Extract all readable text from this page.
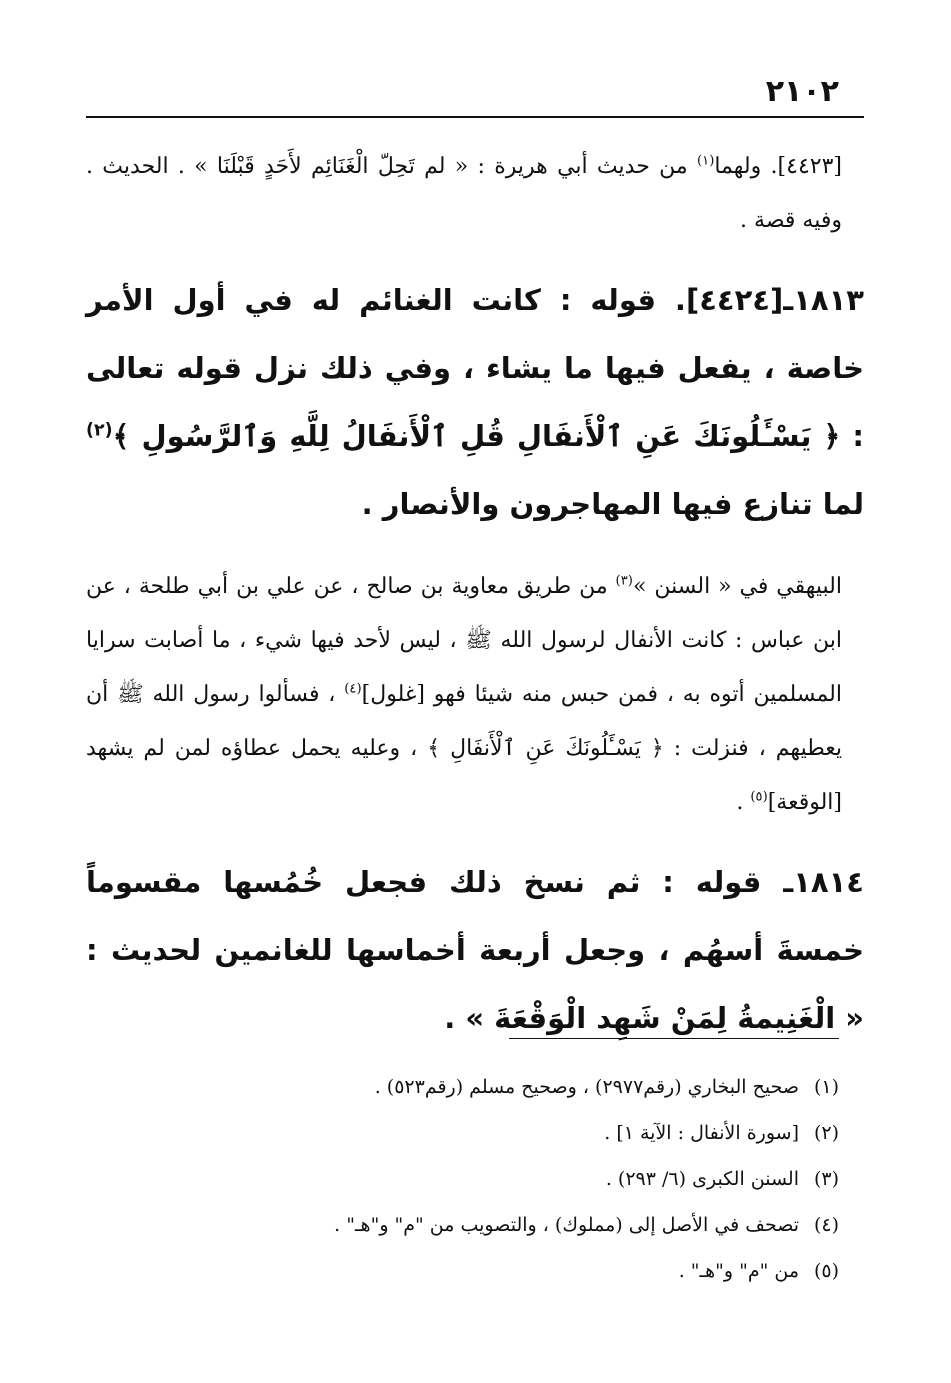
٢١٠٢

[٤٤٢٣]. ولهما$^{(١)}$ من حديث أبي هريرة : « لم تَحِلّ الْغَنَائِم لأَحَدٍ قَبْلَنَا » . الحديث . وفيه قصة .

١٨١٣ـ[٤٤٢٤]. قوله : كانت الغنائم له في أول الأمر خاصة ، يفعل فيها ما يشاء ، وفي ذلك نزل قوله تعالى : ﴿ يَسْـَٔلُونَكَ عَنِ ٱلْأَنفَالِ قُلِ ٱلْأَنفَالُ لِلَّهِ وَٱلرَّسُولِ ﴾$^{(٢)}$ لما تنازع فيها المهاجرون والأنصار .

البيهقي في « السنن »$^{(٣)}$ من طريق معاوية بن صالح ، عن علي بن أبي طلحة ، عن ابن عباس : كانت الأنفال لرسول الله ﷺ ، ليس لأحد فيها شيء ، ما أصابت سرايا المسلمين أتوه به ، فمن حبس منه شيئا فهو [غلول]$^{(٤)}$ ، فسألوا رسول الله ﷺ أن يعطيهم ، فنزلت : ﴿ يَسْـَٔلُونَكَ عَنِ ٱلْأَنفَالِ ﴾ ، وعليه يحمل عطاؤه لمن لم يشهد [الوقعة]$^{(٥)}$ .

١٨١٤ـ قوله : ثم نسخ ذلك فجعل خُمُسها مقسوماً خمسةَ أسهُم ، وجعل أربعة أخماسها للغانمين لحديث : « الْغَنِيمةُ لِمَنْ شَهِد الْوَقْعَةَ » .

(١)
صحيح البخاري (رقم٢٩٧٧) ، وصحيح مسلم (رقم٥٢٣) .
(٢)
[سورة الأنفال : الآية ١] .
(٣)
السنن الكبرى (٦/ ٢٩٣) .
(٤)
تصحف في الأصل إلى (مملوك) ، والتصويب من "م" و"هـ" .
(٥)
من "م" و"هـ" .
